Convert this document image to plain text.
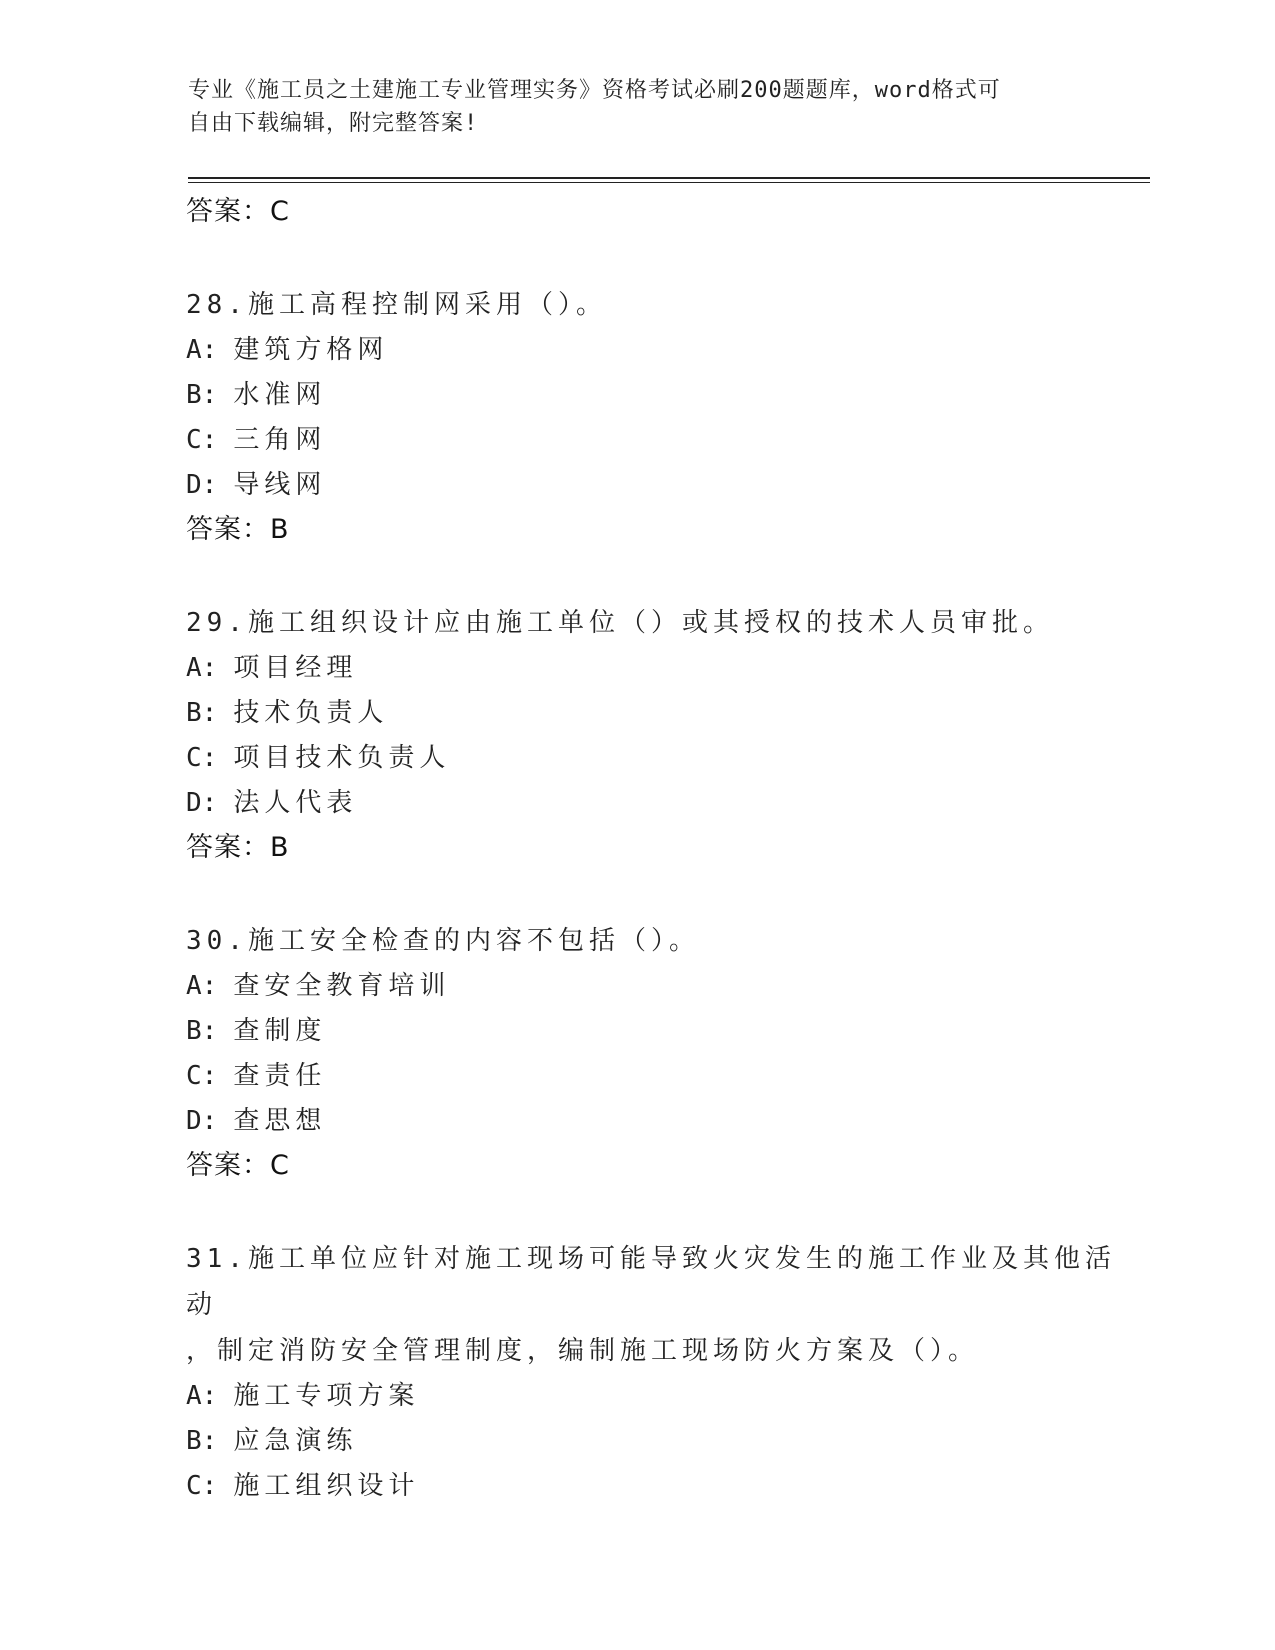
专业《施工员之土建施工专业管理实务》资格考试必刷200题题库，word格式可
自由下载编辑，附完整答案!
答案：C
28.施工高程控制网采用（）。
A: 建筑方格网
B: 水准网
C: 三角网
D: 导线网
答案：B
29.施工组织设计应由施工单位（）或其授权的技术人员审批。
A: 项目经理
B: 技术负责人
C: 项目技术负责人
D: 法人代表
答案：B
30.施工安全检查的内容不包括（）。
A: 查安全教育培训
B: 查制度
C: 查责任
D: 查思想
答案：C
31.施工单位应针对施工现场可能导致火灾发生的施工作业及其他活动
，制定消防安全管理制度，编制施工现场防火方案及（）。
A: 施工专项方案
B: 应急演练
C: 施工组织设计
